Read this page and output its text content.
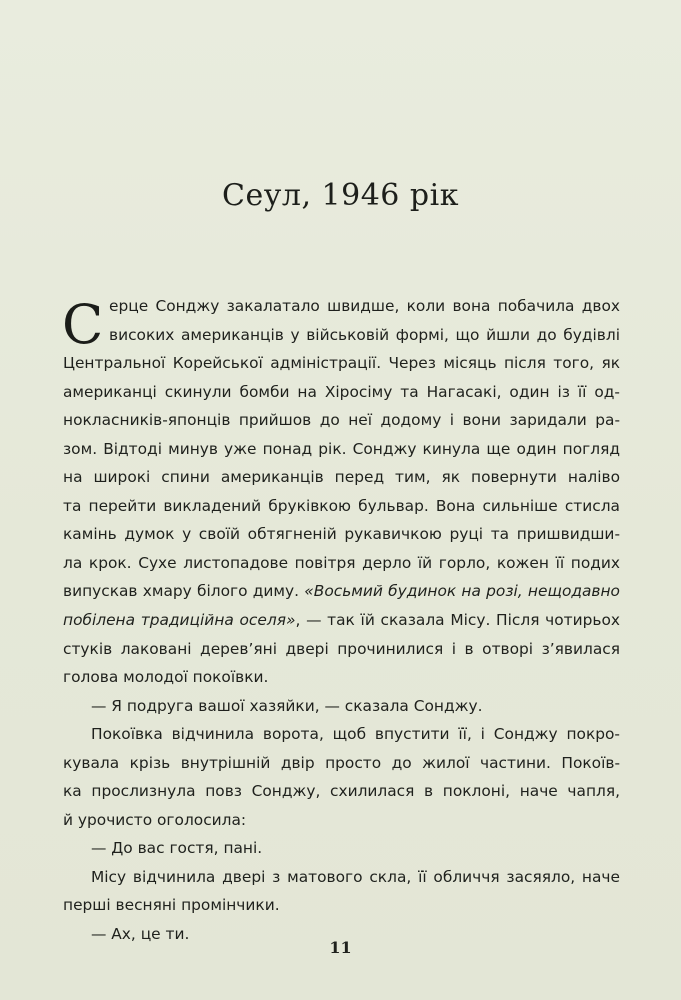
Сеул, 1946 рік
С ерце Сонджу закалатало швидше, коли вона побачила двох
високих американців у військовій формі, що йшли до будівлі
Центральної Корейської адміністрації. Через місяць після того, як
американці скинули бомби на Хіросіму та Нагасакі, один із її од-
нокласників-японців прийшов до неї додому і вони заридали ра-
зом. Відтоді минув уже понад рік. Сонджу кинула ще один погляд
на широкі спини американців перед тим, як повернути наліво
та перейти викладений бруківкою бульвар. Вона сильніше стисла
камінь думок у своїй обтягненій рукавичкою руці та пришвидши-
ла крок. Сухе листопадове повітря дерло їй горло, кожен її подих
випускав хмару білого диму. «Восьмий будинок на розі, нещодавно
побілена традиційна оселя», — так їй сказала Місу. Після чотирьох
стуків лаковані дерев’яні двері прочинилися і в отворі з’явилася
голова молодої покоївки.
— Я подруга вашої хазяйки, — сказала Сонджу.
Покоївка відчинила ворота, щоб впустити її, і Сонджу покро-
кувала крізь внутрішній двір просто до жилої частини. Покоїв-
ка прослизнула повз Сонджу, схилилася в поклоні, наче чапля,
й урочисто оголосила:
— До вас гостя, пані.
Місу відчинила двері з матового скла, її обличчя засяяло, наче
перші весняні промінчики.
— Ах, це ти.
11
